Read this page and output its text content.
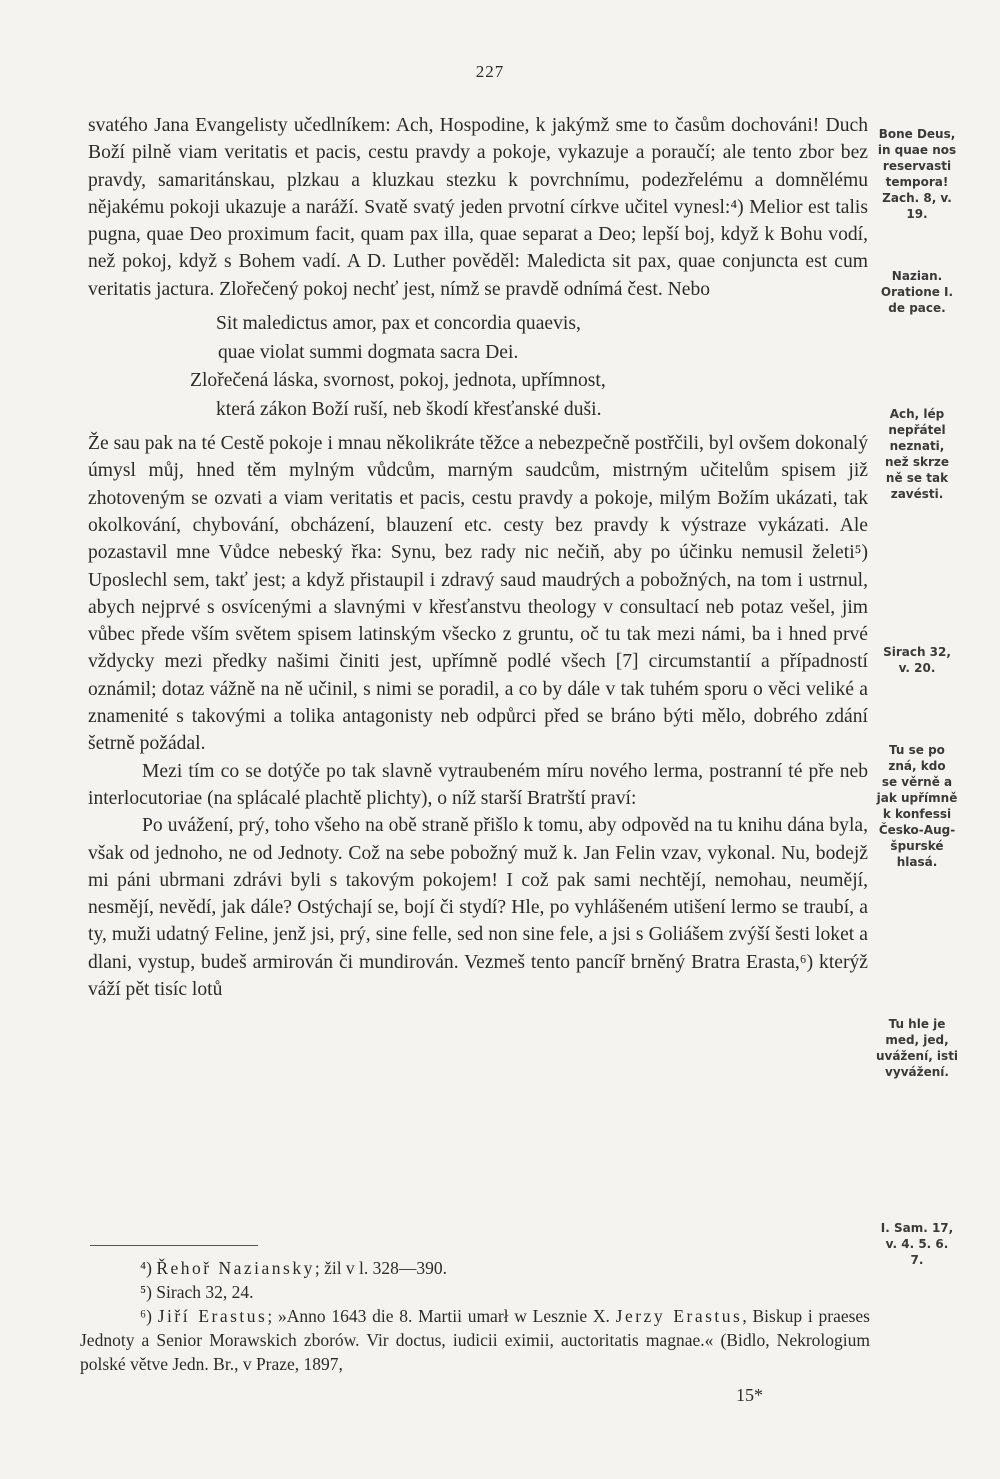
227

svatého Jana Evangelisty učedlníkem: Ach, Hospodine, k jakýmž sme to časům dochováni! Duch Boží pilně viam veritatis et pacis, cestu pravdy a pokoje, vykazuje a poraučí; ale tento zbor bez pravdy, samaritánskau, plzkau a kluzkau stezku k povrchnímu, podezřelému a domnělému nějakému pokoji ukazuje a naráží. Svatě svatý jeden prvotní církve učitel vynesl:⁴) Melior est talis pugna, quae Deo proximum facit, quam pax illa, quae separat a Deo; lepší boj, když k Bohu vodí, než pokoj, když s Bohem vadí. A D. Luther pověděl: Maledicta sit pax, quae conjuncta est cum veritatis jactura. Zlořečený pokoj nechť jest, nímž se pravdě odnímá čest. Nebo

Sit maledictus amor, pax et concordia quaevis,
quae violat summi dogmata sacra Dei.
Zlořečená láska, svornost, pokoj, jednota, upřímnost,
která zákon Boží ruší, neb škodí křesťanské duši.

Že sau pak na té Cestě pokoje i mnau několikráte těžce a nebezpečně postřčili, byl ovšem dokonalý úmysl můj, hned těm mylným vůdcům, marným saudcům, mistrným učitelům spisem již zhotoveným se ozvati a viam veritatis et pacis, cestu pravdy a pokoje, milým Božím ukázati, tak okolkování, chybování, obcházení, blauzení etc. cesty bez pravdy k výstraze vykázati. Ale pozastavil mne Vůdce nebeský řka: Synu, bez rady nic nečiň, aby po účinku nemusil želeti⁵) Uposlechl sem, takť jest; a když přistaupil i zdravý saud maudrých a pobožných, na tom i ustrnul, abych nejprvé s osvícenými a slavnými v křesťanstvu theology v consultací neb potaz vešel, jim vůbec přede vším světem spisem latinským všecko z gruntu, oč tu tak mezi námi, ba i hned prvé vždycky mezi předky našimi činiti jest, upřímně podlé všech [7] circumstantií a případností oznámil; dotaz vážně na ně učinil, s nimi se poradil, a co by dále v tak tuhém sporu o věci veliké a znamenité s takovými a tolika antagonisty neb odpůrci před se bráno býti mělo, dobrého zdání šetrně požádal.

Mezi tím co se dotýče po tak slavně vytraubeném míru nového lerma, postranní té pře neb interlocutoriae (na splácalé plachtě plichty), o níž starší Bratrští praví:

Po uvážení, prý, toho všeho na obě straně přišlo k tomu, aby odpověd na tu knihu dána byla, však od jednoho, ne od Jednoty. Což na sebe pobožný muž k. Jan Felin vzav, vykonal. Nu, bodejž mi páni ubrmani zdrávi byli s takovým pokojem! I což pak sami nechtějí, nemohau, neumějí, nesmějí, nevědí, jak dále? Ostýchají se, bojí či stydí? Hle, po vyhlášeném utišení lermo se traubí, a ty, muži udatný Feline, jenž jsi, prý, sine felle, sed non sine fele, a jsi s Goliášem zvýší šesti loket a dlani, vystup, budeš armirován či mundirován. Vezmeš tento pancíř brněný Bratra Erasta,⁶) kterýž váží pět tisíc lotů

Bone Deus,
in quae nos
reservasti
tempora!
Zach. 8, v.
19.
Nazian.
Oratione I.
de pace.
Ach, lép
nepřátel
neznati,
než skrze
ně se tak
zavésti.
Sirach 32,
v. 20.
Tu se po
zná, kdo
se věrně a
jak upřímně
k konfessi
Česko-Aug-
špurské
hlasá.
Tu hle je
med, jed,
uvážení, isti
vyvážení.
I. Sam. 17,
v. 4. 5. 6.
7.

⁴) Řehoř Naziansky; žil v l. 328—390.

⁵) Sirach 32, 24.

⁶) Jiří Erastus; »Anno 1643 die 8. Martii umarł w Lesznie X. Jerzy Erastus, Biskup i praeses Jednoty a Senior Morawskich zborów. Vir doctus, iudicii eximii, auctoritatis magnae.« (Bidlo, Nekrologium polské větve Jedn. Br., v Praze, 1897,

15*
